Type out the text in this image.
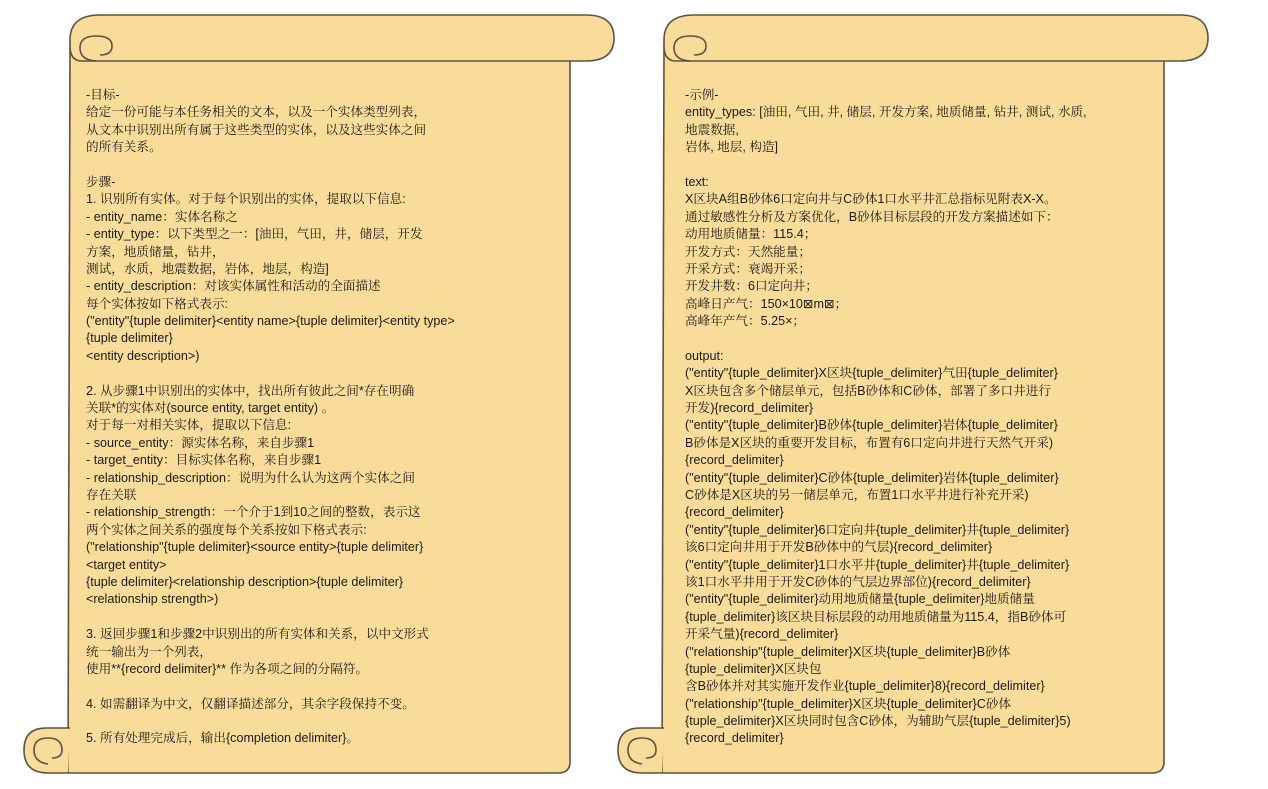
-目标-
给定一份可能与本任务相关的文本，以及一个实体类型列表，
从文本中识别出所有属于这些类型的实体，以及这些实体之间
的所有关系。
步骤-
1. 识别所有实体。对于每个识别出的实体，提取以下信息:
- entity_name：实体名称之
- entity_type：以下类型之一：[油田，气田，井，储层，开发
方案，地质储量，钻井，
测试，水质，地震数据，岩体，地层，构造]
- entity_description：对该实体属性和活动的全面描述
每个实体按如下格式表示:
("entity"{tuple delimiter}<entity name>{tuple delimiter}<entity type>
{tuple delimiter}
<entity description>)
2. 从步骤1中识别出的实体中，找出所有彼此之间*存在明确
关联*的实体对(source entity, target entity) 。
对于每一对相关实体，提取以下信息:
- source_entity：源实体名称，来自步骤1
- target_entity：目标实体名称，来自步骤1
- relationship_description：说明为什么认为这两个实体之间
存在关联
- relationship_strength：一个介于1到10之间的整数，表示这
两个实体之间关系的强度每个关系按如下格式表示:
("relationship"{tuple delimiter}<source entity>{tuple delimiter}
<target entity>
{tuple delimiter}<relationship description>{tuple delimiter}
<relationship strength>)
3. 返回步骤1和步骤2中识别出的所有实体和关系，以中文形式
统一输出为一个列表，
使用**{record delimiter}** 作为各项之间的分隔符。
4. 如需翻译为中文，仅翻译描述部分，其余字段保持不变。
5. 所有处理完成后，输出{completion delimiter}。
-示例-
entity_types: [油田, 气田, 井, 储层, 开发方案, 地质储量, 钻井, 测试, 水质,
地震数据,
岩体, 地层, 构造]
text:
X区块A组B砂体6口定向井与C砂体1口水平井汇总指标见附表X-X。
通过敏感性分析及方案优化，B砂体目标层段的开发方案描述如下：
动用地质储量：115.4；
开发方式：天然能量；
开采方式：衰竭开采；
开发井数：6口定向井；
高峰日产气：150×10⊠m⊠；
高峰年产气：5.25×；
output:
("entity"{tuple_delimiter}X区块{tuple_delimiter}气田{tuple_delimiter}
X区块包含多个储层单元，包括B砂体和C砂体，部署了多口井进行
开发){record_delimiter}
("entity"{tuple_delimiter}B砂体{tuple_delimiter}岩体{tuple_delimiter}
B砂体是X区块的重要开发目标，布置有6口定向井进行天然气开采)
{record_delimiter}
("entity"{tuple_delimiter}C砂体{tuple_delimiter}岩体{tuple_delimiter}
C砂体是X区块的另一储层单元，布置1口水平井进行补充开采)
{record_delimiter}
("entity"{tuple_delimiter}6口定向井{tuple_delimiter}井{tuple_delimiter}
该6口定向井用于开发B砂体中的气层){record_delimiter}
("entity"{tuple_delimiter}1口水平井{tuple_delimiter}井{tuple_delimiter}
该1口水平井用于开发C砂体的气层边界部位){record_delimiter}
("entity"{tuple_delimiter}动用地质储量{tuple_delimiter}地质储量
{tuple_delimiter}该区块目标层段的动用地质储量为115.4，指B砂体可
开采气量){record_delimiter}
("relationship"{tuple_delimiter}X区块{tuple_delimiter}B砂体
{tuple_delimiter}X区块包
含B砂体并对其实施开发作业{tuple_delimiter}8){record_delimiter}
("relationship"{tuple_delimiter}X区块{tuple_delimiter}C砂体
{tuple_delimiter}X区块同时包含C砂体，为辅助气层{tuple_delimiter}5)
{record_delimiter}
